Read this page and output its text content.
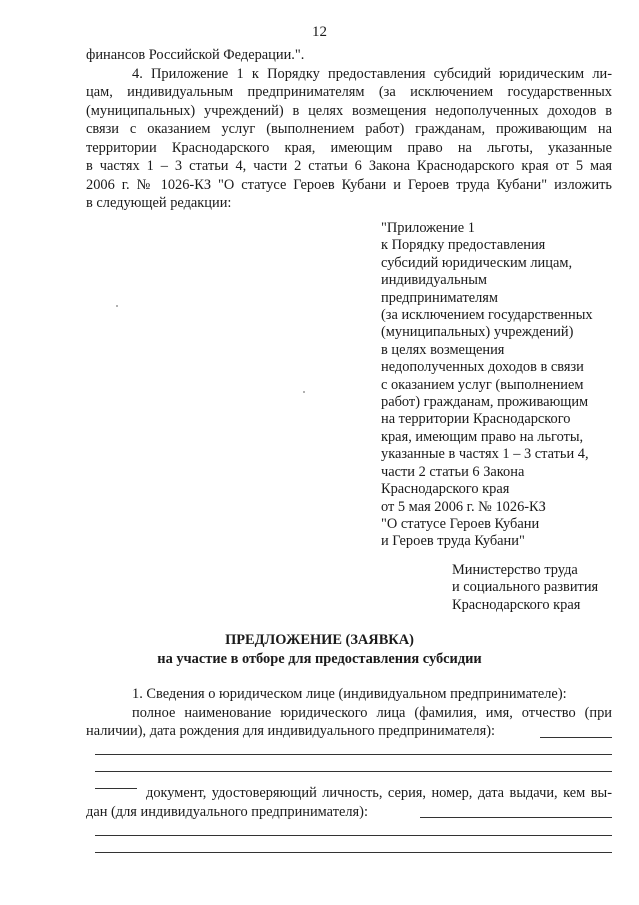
12
финансов Российской Федерации.".
4. Приложение 1 к Порядку предоставления субсидий юридическим ли-
цам, индивидуальным предпринимателям (за исключением государственных
(муниципальных) учреждений) в целях возмещения недополученных доходов в
связи с оказанием услуг (выполнением работ) гражданам, проживающим на
территории Краснодарского края, имеющим право на льготы, указанные
в частях 1 – 3 статьи 4, части 2 статьи 6 Закона Краснодарского края от 5 мая
2006 г. № 1026-КЗ "О статусе Героев Кубани и Героев труда Кубани" изложить
в следующей редакции:
"Приложение 1
к Порядку предоставления
субсидий юридическим лицам,
индивидуальным
предпринимателям
(за исключением государственных
(муниципальных) учреждений)
в целях возмещения
недополученных доходов в связи
с оказанием услуг (выполнением
работ) гражданам, проживающим
на территории Краснодарского
края, имеющим право на льготы,
указанные в частях 1 – 3 статьи 4,
части 2 статьи 6 Закона
Краснодарского края
от 5 мая 2006 г. № 1026-КЗ
"О статусе Героев Кубани
и Героев труда Кубани"
Министерство труда
и социального развития
Краснодарского края
ПРЕДЛОЖЕНИЕ (ЗАЯВКА)
на участие в отборе для предоставления субсидии
1. Сведения о юридическом лице (индивидуальном предпринимателе):
полное наименование юридического лица (фамилия, имя, отчество (при
наличии), дата рождения для индивидуального предпринимателя):
документ, удостоверяющий личность, серия, номер, дата выдачи, кем вы-
дан (для индивидуального предпринимателя):
